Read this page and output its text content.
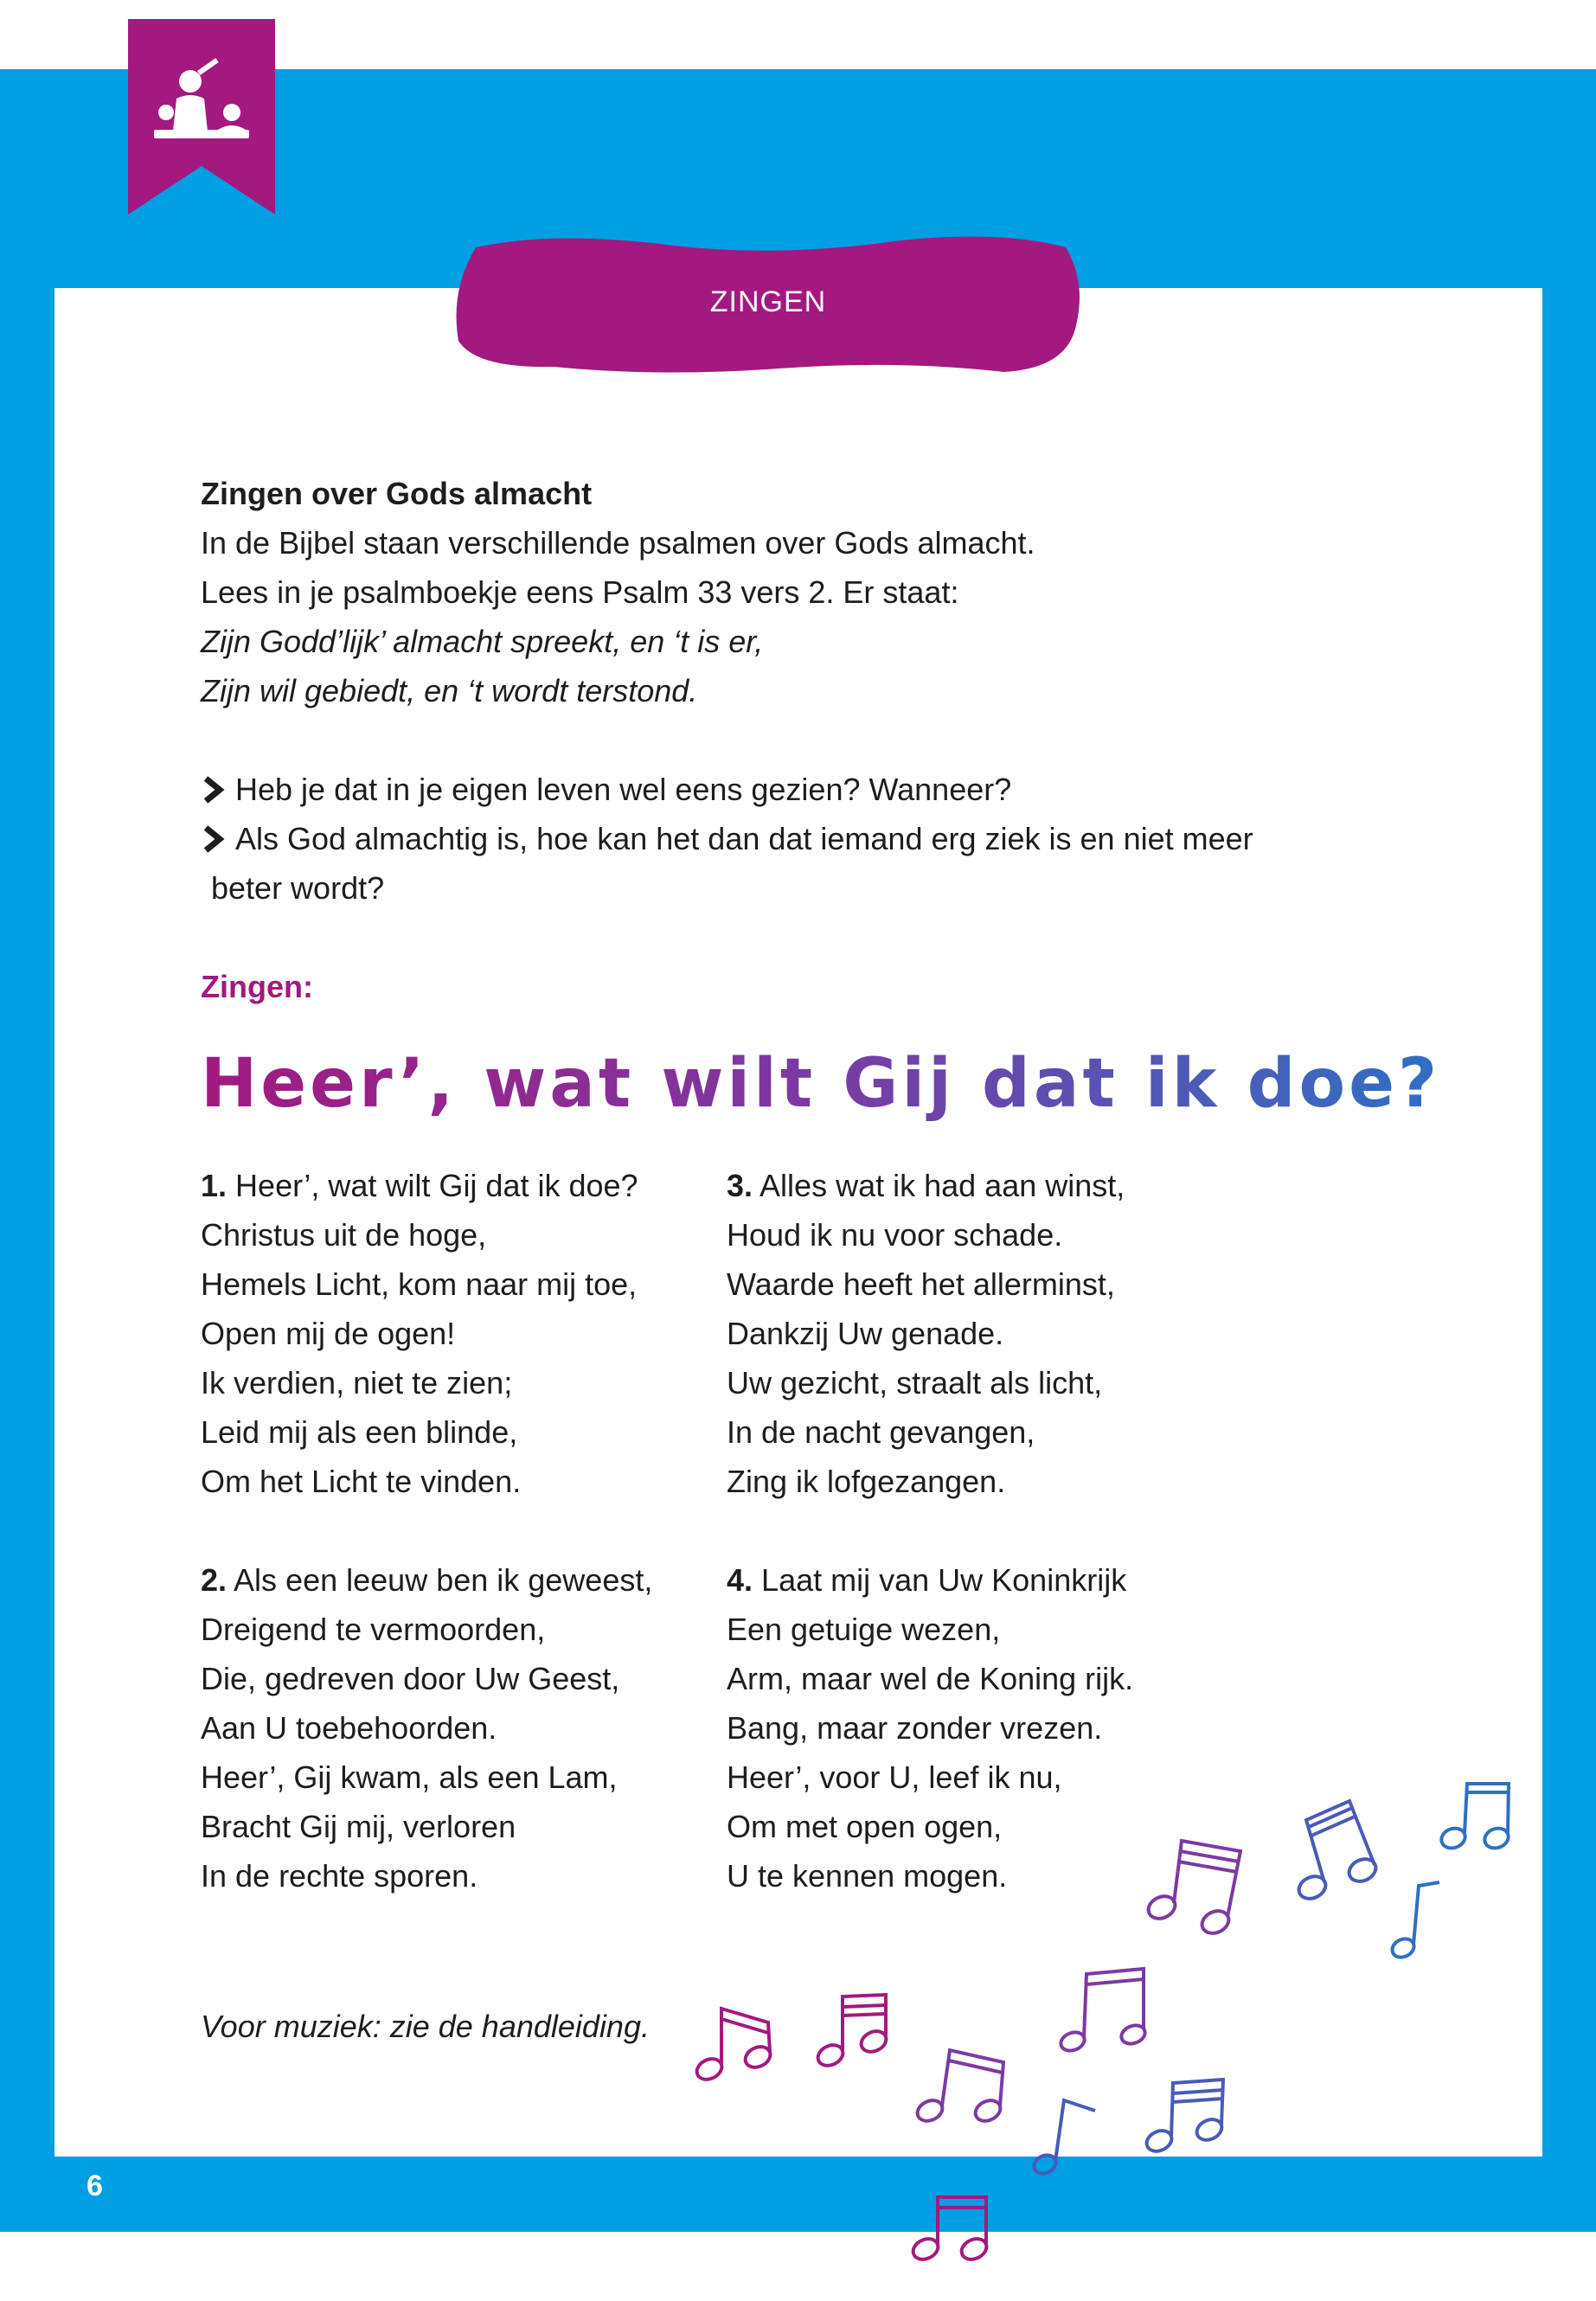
ZINGEN

Zingen over Gods almacht

In de Bijbel staan verschillende psalmen over Gods almacht.

Lees in je psalmboekje eens Psalm 33 vers 2. Er staat:

Zijn Godd’lijk’ almacht spreekt, en ‘t is er,

Zijn wil gebiedt, en ‘t wordt terstond.

Heb je dat in je eigen leven wel eens gezien? Wanneer?

Als God almachtig is, hoe kan het dan dat iemand erg ziek is en niet meer

beter wordt?

Zingen:
Heer’, wat wilt Gij dat ik doe?

1. Heer’, wat wilt Gij dat ik doe?

Christus uit de hoge,

Hemels Licht, kom naar mij toe,

Open mij de ogen!

Ik verdien, niet te zien;

Leid mij als een blinde,

Om het Licht te vinden.

2. Als een leeuw ben ik geweest,

Dreigend te vermoorden,

Die, gedreven door Uw Geest,

Aan U toebehoorden.

Heer’, Gij kwam, als een Lam,

Bracht Gij mij, verloren

In de rechte sporen.

3. Alles wat ik had aan winst,

Houd ik nu voor schade.

Waarde heeft het allerminst,

Dankzij Uw genade.

Uw gezicht, straalt als licht,

In de nacht gevangen,

Zing ik lofgezangen.

4. Laat mij van Uw Koninkrijk

Een getuige wezen,

Arm, maar wel de Koning rijk.

Bang, maar zonder vrezen.

Heer’, voor U, leef ik nu,

Om met open ogen,

U te kennen mogen.

Voor muziek: zie de handleiding.
6
